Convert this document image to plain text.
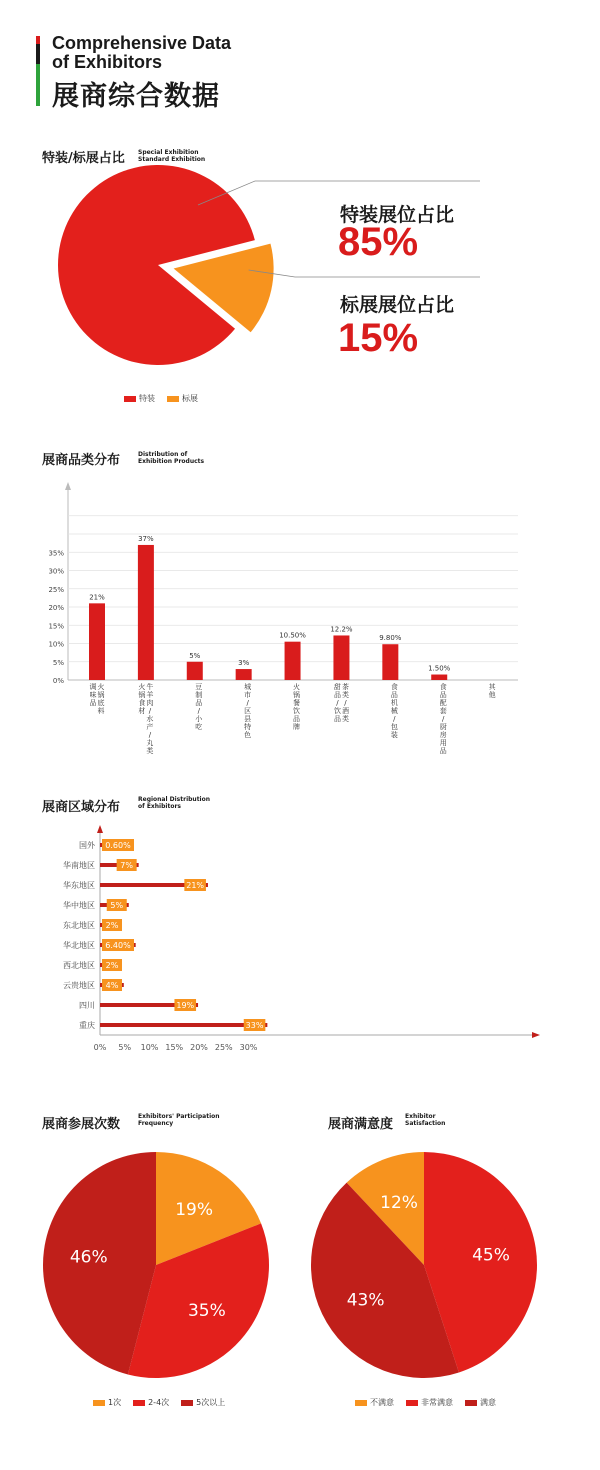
Comprehensive Data
of Exhibitors
展商综合数据
特装/标展占比 Special Exhibition
Standard Exhibition
特装展位占比
85%
标展展位占比
15%
特装	标展
展商品类分布	Distribution of
Exhibition Products
0%
5%
10%
15%
20%
25%
30%
35%
21%
火锅底料调味品
37%
牛羊肉/水产/丸类火锅食材
5%
豆制品/小吃
3%
城市/区县特色
10.50%
火锅餐饮品牌
12.2%
茶类/酒类甜品/饮品
9.80%
食品机械/包装
1.50%
食品配套/厨房用品
其他
展商区域分布
Regional Distribution
of Exhibitors
0% 5% 10% 15% 20% 25% 30%
国外 0.60%
华南地区	7%
华东地区	21%
华中地区 5%
东北地区 2%
华北地区 6.40%
西北地区 2%
云贵地区 4%
四川	19%
重庆	33%
展商参展次数
Exhibitors' Participation
Frequency
19%
35%
46%
1次	2-4次	5次以上
展商满意度
Exhibitor
Satisfaction
12%
45%
43%
不满意	非常满意	满意
